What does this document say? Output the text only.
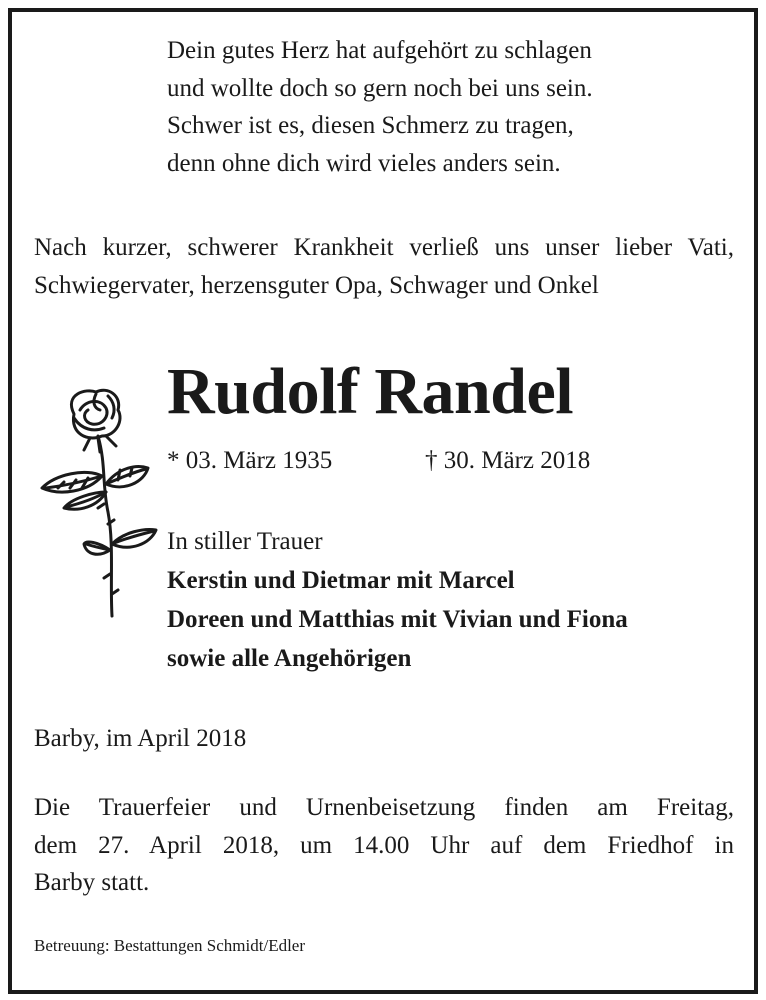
Dein gutes Herz hat aufgehört zu schlagen
und wollte doch so gern noch bei uns sein.
Schwer ist es, diesen Schmerz zu tragen,
denn ohne dich wird vieles anders sein.
Nach kurzer, schwerer Krankheit verließ uns unser lieber Vati, Schwiegervater, herzensguter Opa, Schwager und Onkel
Rudolf Randel
* 03. März 1935	† 30. März 2018
In stiller Trauer
Kerstin und Dietmar mit Marcel
Doreen und Matthias mit Vivian und Fiona
sowie alle Angehörigen
Barby, im April 2018
Die Trauerfeier und Urnenbeisetzung finden am Freitag,
dem 27. April 2018, um 14.00 Uhr auf dem Friedhof in
Barby statt.
Betreuung: Bestattungen Schmidt/Edler
